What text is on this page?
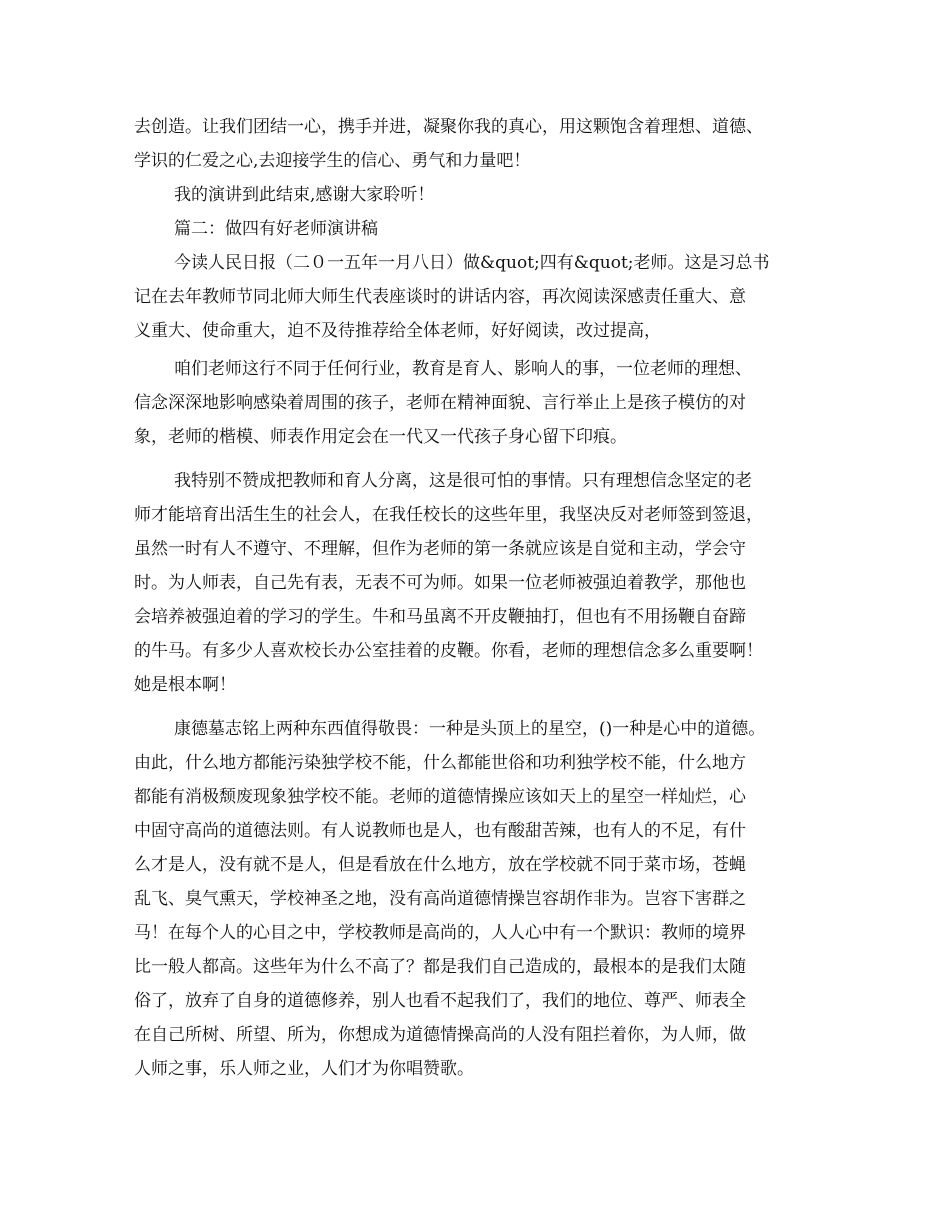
去创造。让我们团结一心，携手并进，凝聚你我的真心，用这颗饱含着理想、道德、
学识的仁爱之心,去迎接学生的信心、勇气和力量吧！
我的演讲到此结束,感谢大家聆听！
篇二：做四有好老师演讲稿
今读人民日报（二０一五年一月八日）做&quot;四有&quot;老师。这是习总书
记在去年教师节同北师大师生代表座谈时的讲话内容，再次阅读深感责任重大、意
义重大、使命重大，迫不及待推荐给全体老师，好好阅读，改过提高，
咱们老师这行不同于任何行业，教育是育人、影响人的事，一位老师的理想、
信念深深地影响感染着周围的孩子，老师在精神面貌、言行举止上是孩子模仿的对
象，老师的楷模、师表作用定会在一代又一代孩子身心留下印痕。
我特别不赞成把教师和育人分离，这是很可怕的事情。只有理想信念坚定的老
师才能培育出活生生的社会人，在我任校长的这些年里，我坚决反对老师签到签退，
虽然一时有人不遵守、不理解，但作为老师的第一条就应该是自觉和主动，学会守
时。为人师表，自己先有表，无表不可为师。如果一位老师被强迫着教学，那他也
会培养被强迫着的学习的学生。牛和马虽离不开皮鞭抽打，但也有不用扬鞭自奋蹄
的牛马。有多少人喜欢校长办公室挂着的皮鞭。你看，老师的理想信念多么重要啊！
她是根本啊！
康德墓志铭上两种东西值得敬畏：一种是头顶上的星空，()一种是心中的道德。
由此，什么地方都能污染独学校不能，什么都能世俗和功利独学校不能，什么地方
都能有消极颓废现象独学校不能。老师的道德情操应该如天上的星空一样灿烂，心
中固守高尚的道德法则。有人说教师也是人，也有酸甜苦辣，也有人的不足，有什
么才是人，没有就不是人，但是看放在什么地方，放在学校就不同于菜市场，苍蝇
乱飞、臭气熏天，学校神圣之地，没有高尚道德情操岂容胡作非为。岂容下害群之
马！在每个人的心目之中，学校教师是高尚的，人人心中有一个默识：教师的境界
比一般人都高。这些年为什么不高了？都是我们自己造成的，最根本的是我们太随
俗了，放弃了自身的道德修养，别人也看不起我们了，我们的地位、尊严、师表全
在自己所树、所望、所为，你想成为道德情操高尚的人没有阻拦着你，为人师，做
人师之事，乐人师之业，人们才为你唱赞歌。
